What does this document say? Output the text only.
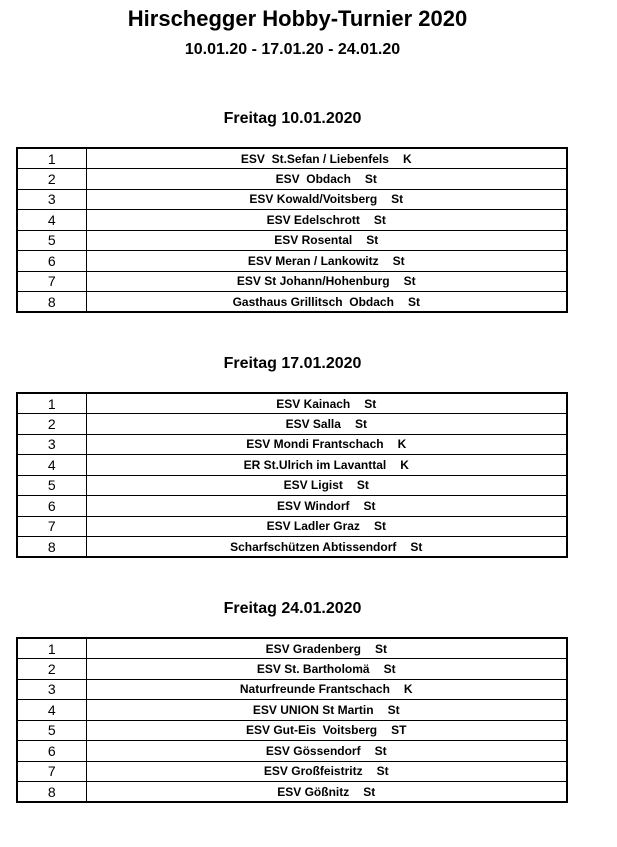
Hirschegger Hobby-Turnier 2020
10.01.20 - 17.01.20 - 24.01.20
Freitag 10.01.2020
1	ESV  St.Sefan / Liebenfels K
2	ESV  Obdach St
3	ESV Kowald/Voitsberg St
4	ESV Edelschrott St
5	ESV Rosental St
6	ESV Meran / Lankowitz St
7	ESV St Johann/Hohenburg St
8	Gasthaus Grillitsch  Obdach St
Freitag 17.01.2020
1	ESV Kainach St
2	ESV Salla St
3	ESV Mondi Frantschach K
4	ER St.Ulrich im Lavanttal K
5	ESV Ligist St
6	ESV Windorf St
7	ESV Ladler Graz St
8	Scharfschützen Abtissendorf St
Freitag 24.01.2020
1	ESV Gradenberg St
2	ESV St. Bartholomä St
3	Naturfreunde Frantschach K
4	ESV UNION St Martin St
5	ESV Gut-Eis  Voitsberg ST
6	ESV Gössendorf St
7	ESV Großfeistritz St
8	ESV Gößnitz St
